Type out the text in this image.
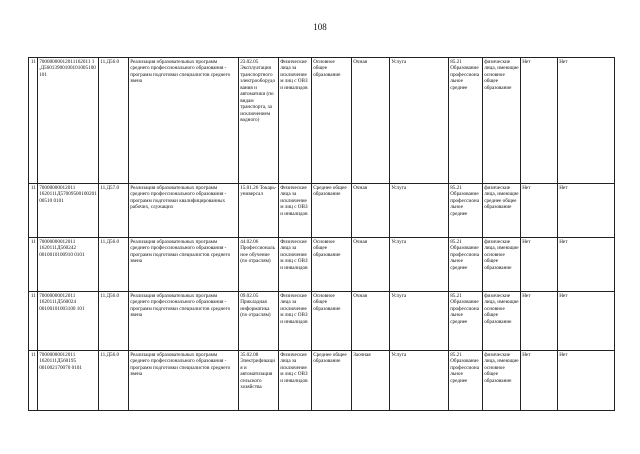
108
11	70000000012011162011 1 ,Д56013900100101005100101	11.Д56.0	Реализация образовательных программ среднего профессионального образования - программ подготовки специалистов среднего звена	23.02.05 Эксплуатация транспортного электрооборудования и автоматики (по видам транспорта, за исключением водного)	Физические лица за исключением лиц с ОВЗ и инвалидов	Основное общее образование	Очная	Услуга	85.21 Образование профессиональное среднее	физические лица, имеющие основное общее образование	Нет	Нет
11	70000000012011 1620111Д5700950010020100510 0101	11.Д57.0	Реализация образовательных программ среднего профессионального образования - программ подготовки квалифицированных рабочих, служащих	15.01.26 Токарь-универсал	Физические лица за исключением лиц с ОВЗ и инвалидов	Среднее общее образование	Очная	Услуга	85.21 Образование профессиональное среднее	физические лица, имеющие среднее общее образование	Нет	Нет
11	70000000012011 1620111Д560242 0010010100910 0101	11.Д56.0	Реализация образовательных программ среднего профессионального образования - программ подготовки специалистов среднего звена	44.02.06 Профессиональное обучение (по отраслям)	Физические лица за исключением лиц с ОВЗ и инвалидов	Основное общее образование	Очная	Услуга	85.21 Образование профессиональное среднее	физические лица, имеющие основное общее образование	Нет	Нет
11	70000000012011 1620111Д560024 00100101003100 101	11.Д56.0	Реализация образовательных программ среднего профессионального образования - программ подготовки специалистов среднего звена	09.02.05 Прикладная информатика (по отраслям)	Физические лица за исключением лиц с ОВЗ и инвалидов	Основное общее образование	Очная	Услуга	85.21 Образование профессиональное среднее	физические лица, имеющие основное общее образование	Нет	Нет
11	70000000012011 1620111Д560195 001002170070 0101	11.Д56.0	Реализация образовательных программ среднего профессионального образования - программ подготовки специалистов среднего звена	35.02.08 Электрификация и автоматизация сельского хозяйства	Физические лица за исключением лиц с ОВЗ и инвалидов	Среднее общее образование	Заочная	Услуга	85.21 Образование профессиональное среднее	физические лица, имеющие основное общее образование	Нет	Нет
